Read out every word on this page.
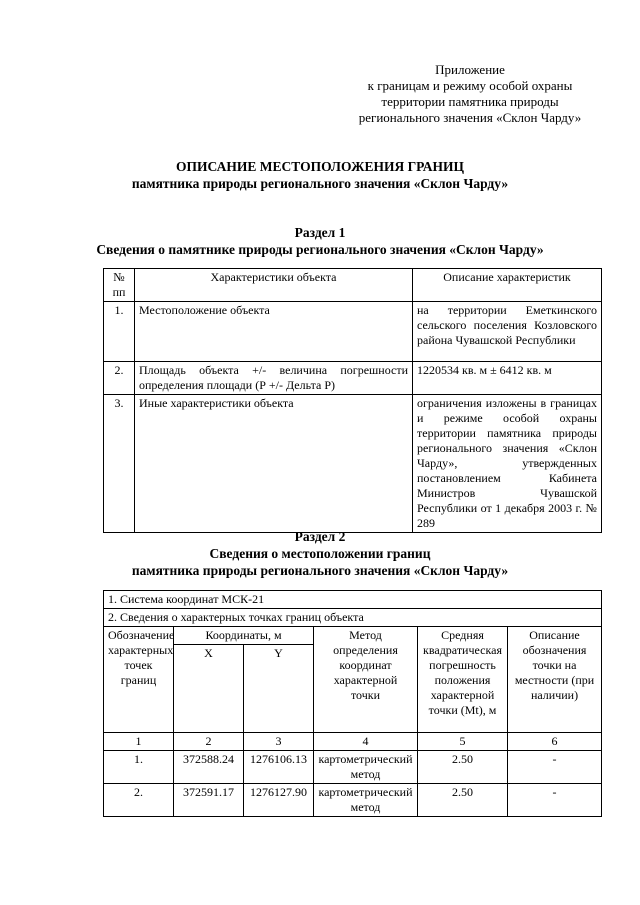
Приложение
к границам и режиму особой охраны
территории памятника природы
регионального значения «Склон Чарду»
ОПИСАНИЕ МЕСТОПОЛОЖЕНИЯ ГРАНИЦ
памятника природы регионального значения «Склон Чарду»
Раздел 1
Сведения о памятнике природы регионального значения «Склон Чарду»
№ пп	Характеристики объекта	Описание характеристик
1.	Местоположение объекта	на территории Еметкинского сельского поселения Козловского района Чувашской Республики
2.	Площадь объекта +/- величина погрешности определения площади (Р +/- Дельта Р)	1220534 кв. м ± 6412 кв. м
3.	Иные характеристики объекта	ограничения изложены в границах и режиме особой охраны территории памятника природы регионального значения «Склон Чарду», утвержденных постановлением Кабинета Министров Чувашской Республики от 1 декабря 2003 г. № 289
Раздел 2
Сведения о местоположении границ
памятника природы регионального значения «Склон Чарду»
1. Система координат МСК-21					
2. Сведения о характерных точках границ объекта					
Обозначение характерных точек границ	Координаты, м		Метод определения координат характерной точки	Средняя квадратическая погрешность положения характерной точки (Mt), м	Описание обозначения точки на местности (при наличии)
	X	Y			
1	2	3	4	5	6
1.	372588.24	1276106.13	картометрический метод	2.50	-
2.	372591.17	1276127.90	картометрический метод	2.50	-
